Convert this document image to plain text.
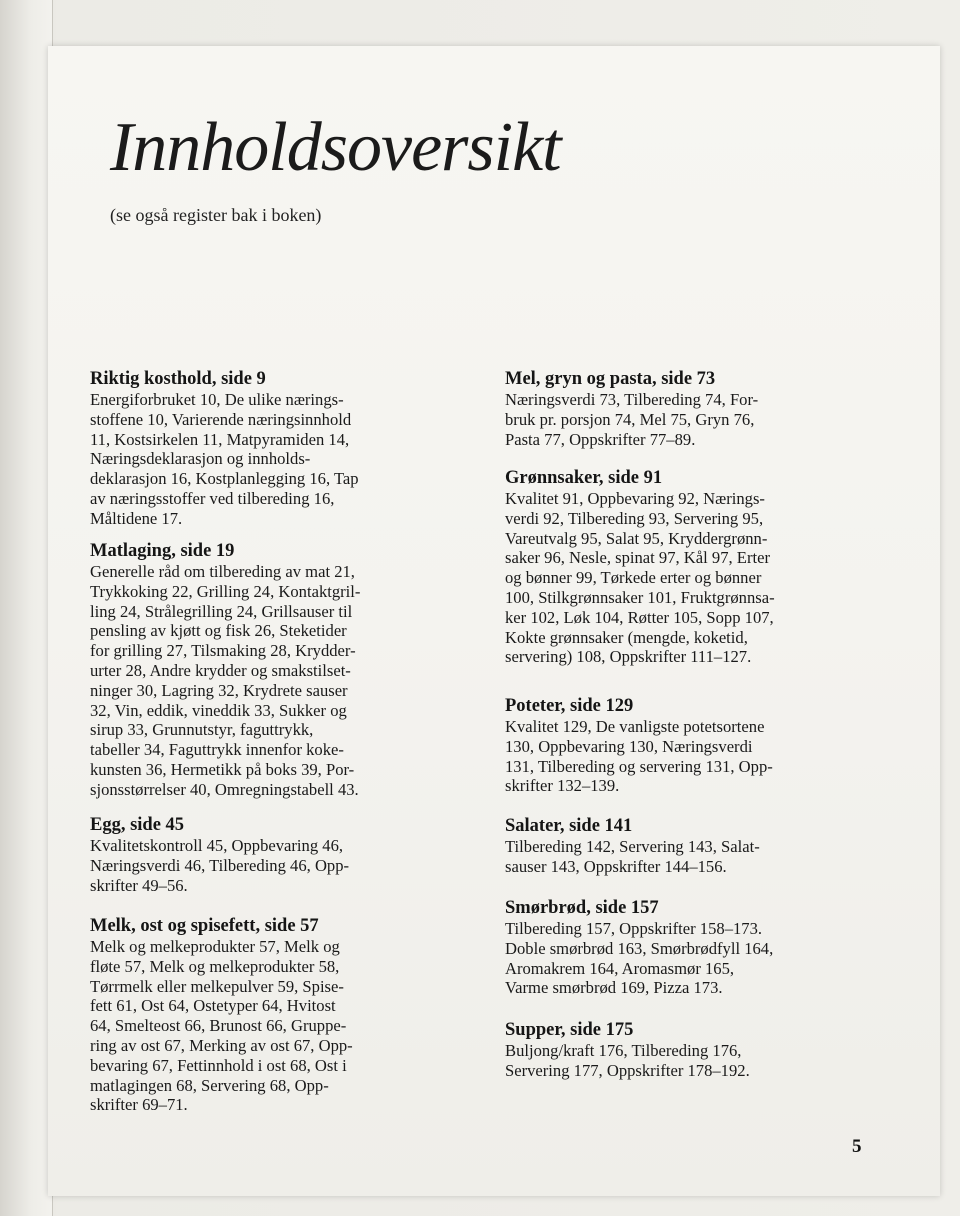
Innholdsoversikt

(se også register bak i boken)

Riktig kosthold, side 9
Energiforbruket 10, De ulike nærings-
stoffene 10, Varierende næringsinnhold
11, Kostsirkelen 11, Matpyramiden 14,
Næringsdeklarasjon og innholds-
deklarasjon 16, Kostplanlegging 16, Tap
av næringsstoffer ved tilbereding 16,
Måltidene 17.
Matlaging, side 19
Generelle råd om tilbereding av mat 21,
Trykkoking 22, Grilling 24, Kontaktgril-
ling 24, Strålegrilling 24, Grillsauser til
pensling av kjøtt og fisk 26, Steketider
for grilling 27, Tilsmaking 28, Krydder-
urter 28, Andre krydder og smakstilset-
ninger 30, Lagring 32, Krydrete sauser
32, Vin, eddik, vineddik 33, Sukker og
sirup 33, Grunnutstyr, faguttrykk,
tabeller 34, Faguttrykk innenfor koke-
kunsten 36, Hermetikk på boks 39, Por-
sjonsstørrelser 40, Omregningstabell 43.
Egg, side 45
Kvalitetskontroll 45, Oppbevaring 46,
Næringsverdi 46, Tilbereding 46, Opp-
skrifter 49–56.
Melk, ost og spisefett, side 57
Melk og melkeprodukter 57, Melk og
fløte 57, Melk og melkeprodukter 58,
Tørrmelk eller melkepulver 59, Spise-
fett 61, Ost 64, Ostetyper 64, Hvitost
64, Smelteost 66, Brunost 66, Gruppe-
ring av ost 67, Merking av ost 67, Opp-
bevaring 67, Fettinnhold i ost 68, Ost i
matlagingen 68, Servering 68, Opp-
skrifter 69–71.
Mel, gryn og pasta, side 73
Næringsverdi 73, Tilbereding 74, For-
bruk pr. porsjon 74, Mel 75, Gryn 76,
Pasta 77, Oppskrifter 77–89.
Grønnsaker, side 91
Kvalitet 91, Oppbevaring 92, Nærings-
verdi 92, Tilbereding 93, Servering 95,
Vareutvalg 95, Salat 95, Kryddergrønn-
saker 96, Nesle, spinat 97, Kål 97, Erter
og bønner 99, Tørkede erter og bønner
100, Stilkgrønnsaker 101, Fruktgrønnsa-
ker 102, Løk 104, Røtter 105, Sopp 107,
Kokte grønnsaker (mengde, koketid,
servering) 108, Oppskrifter 111–127.
Poteter, side 129
Kvalitet 129, De vanligste potetsortene
130, Oppbevaring 130, Næringsverdi
131, Tilbereding og servering 131, Opp-
skrifter 132–139.
Salater, side 141
Tilbereding 142, Servering 143, Salat-
sauser 143, Oppskrifter 144–156.
Smørbrød, side 157
Tilbereding 157, Oppskrifter 158–173.
Doble smørbrød 163, Smørbrødfyll 164,
Aromakrem 164, Aromasmør 165,
Varme smørbrød 169, Pizza 173.
Supper, side 175
Buljong/kraft 176, Tilbereding 176,
Servering 177, Oppskrifter 178–192.

5
